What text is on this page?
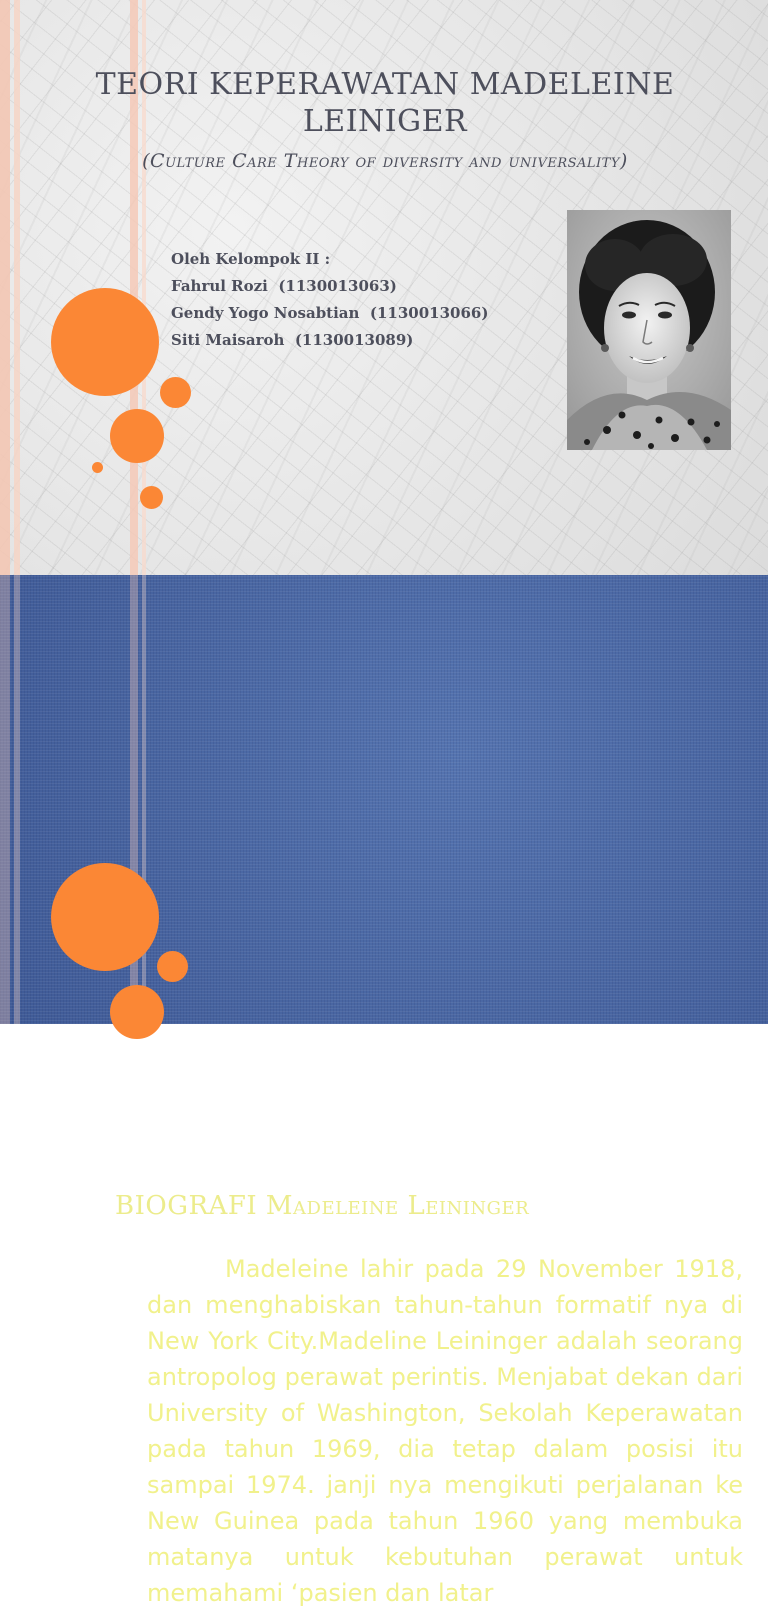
TEORI KEPERAWATAN MADELEINE LEINIGER
(Culture Care Theory of diversity and universality)
Oleh Kelompok II :
Fahrul Rozi  (1130013063)
Gendy Yogo Nosabtian  (1130013066)
Siti Maisaroh  (1130013089)
BIOGRAFI Madeleine Leininger

Madeleine lahir pada 29 November 1918, dan menghabiskan tahun-tahun formatif nya di New York City.Madeline Leininger adalah seorang antropolog perawat perintis. Menjabat dekan dari University of Washington, Sekolah Keperawatan pada tahun 1969, dia tetap dalam posisi itu sampai 1974. janji nya mengikuti perjalanan ke New Guinea pada tahun 1960 yang membuka matanya untuk kebutuhan perawat untuk memahami ‘pasien dan latar
